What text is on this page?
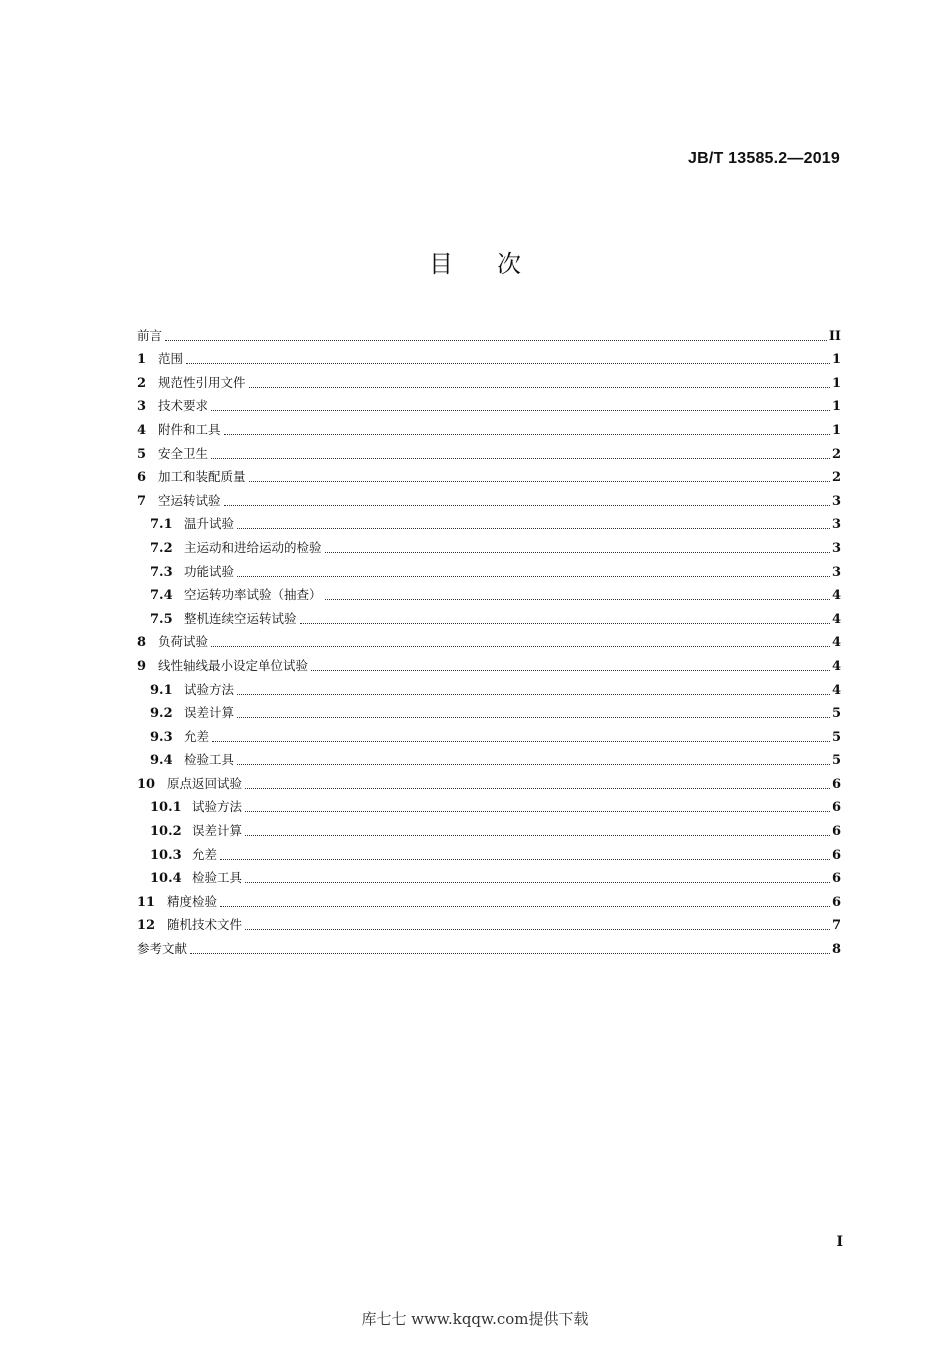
JB/T 13585.2—2019
目次
前言	II
1 范围	1
2 规范性引用文件	1
3 技术要求	1
4 附件和工具	1
5 安全卫生	2
6 加工和装配质量	2
7 空运转试验	3
7.1 温升试验	3
7.2 主运动和进给运动的检验	3
7.3 功能试验	3
7.4 空运转功率试验（抽查）	4
7.5 整机连续空运转试验	4
8 负荷试验	4
9 线性轴线最小设定单位试验	4
9.1 试验方法	4
9.2 误差计算	5
9.3 允差	5
9.4 检验工具	5
10 原点返回试验	6
10.1 试验方法	6
10.2 误差计算	6
10.3 允差	6
10.4 检验工具	6
11 精度检验	6
12 随机技术文件	7
参考文献	8
I
库七七 www.kqqw.com提供下载
